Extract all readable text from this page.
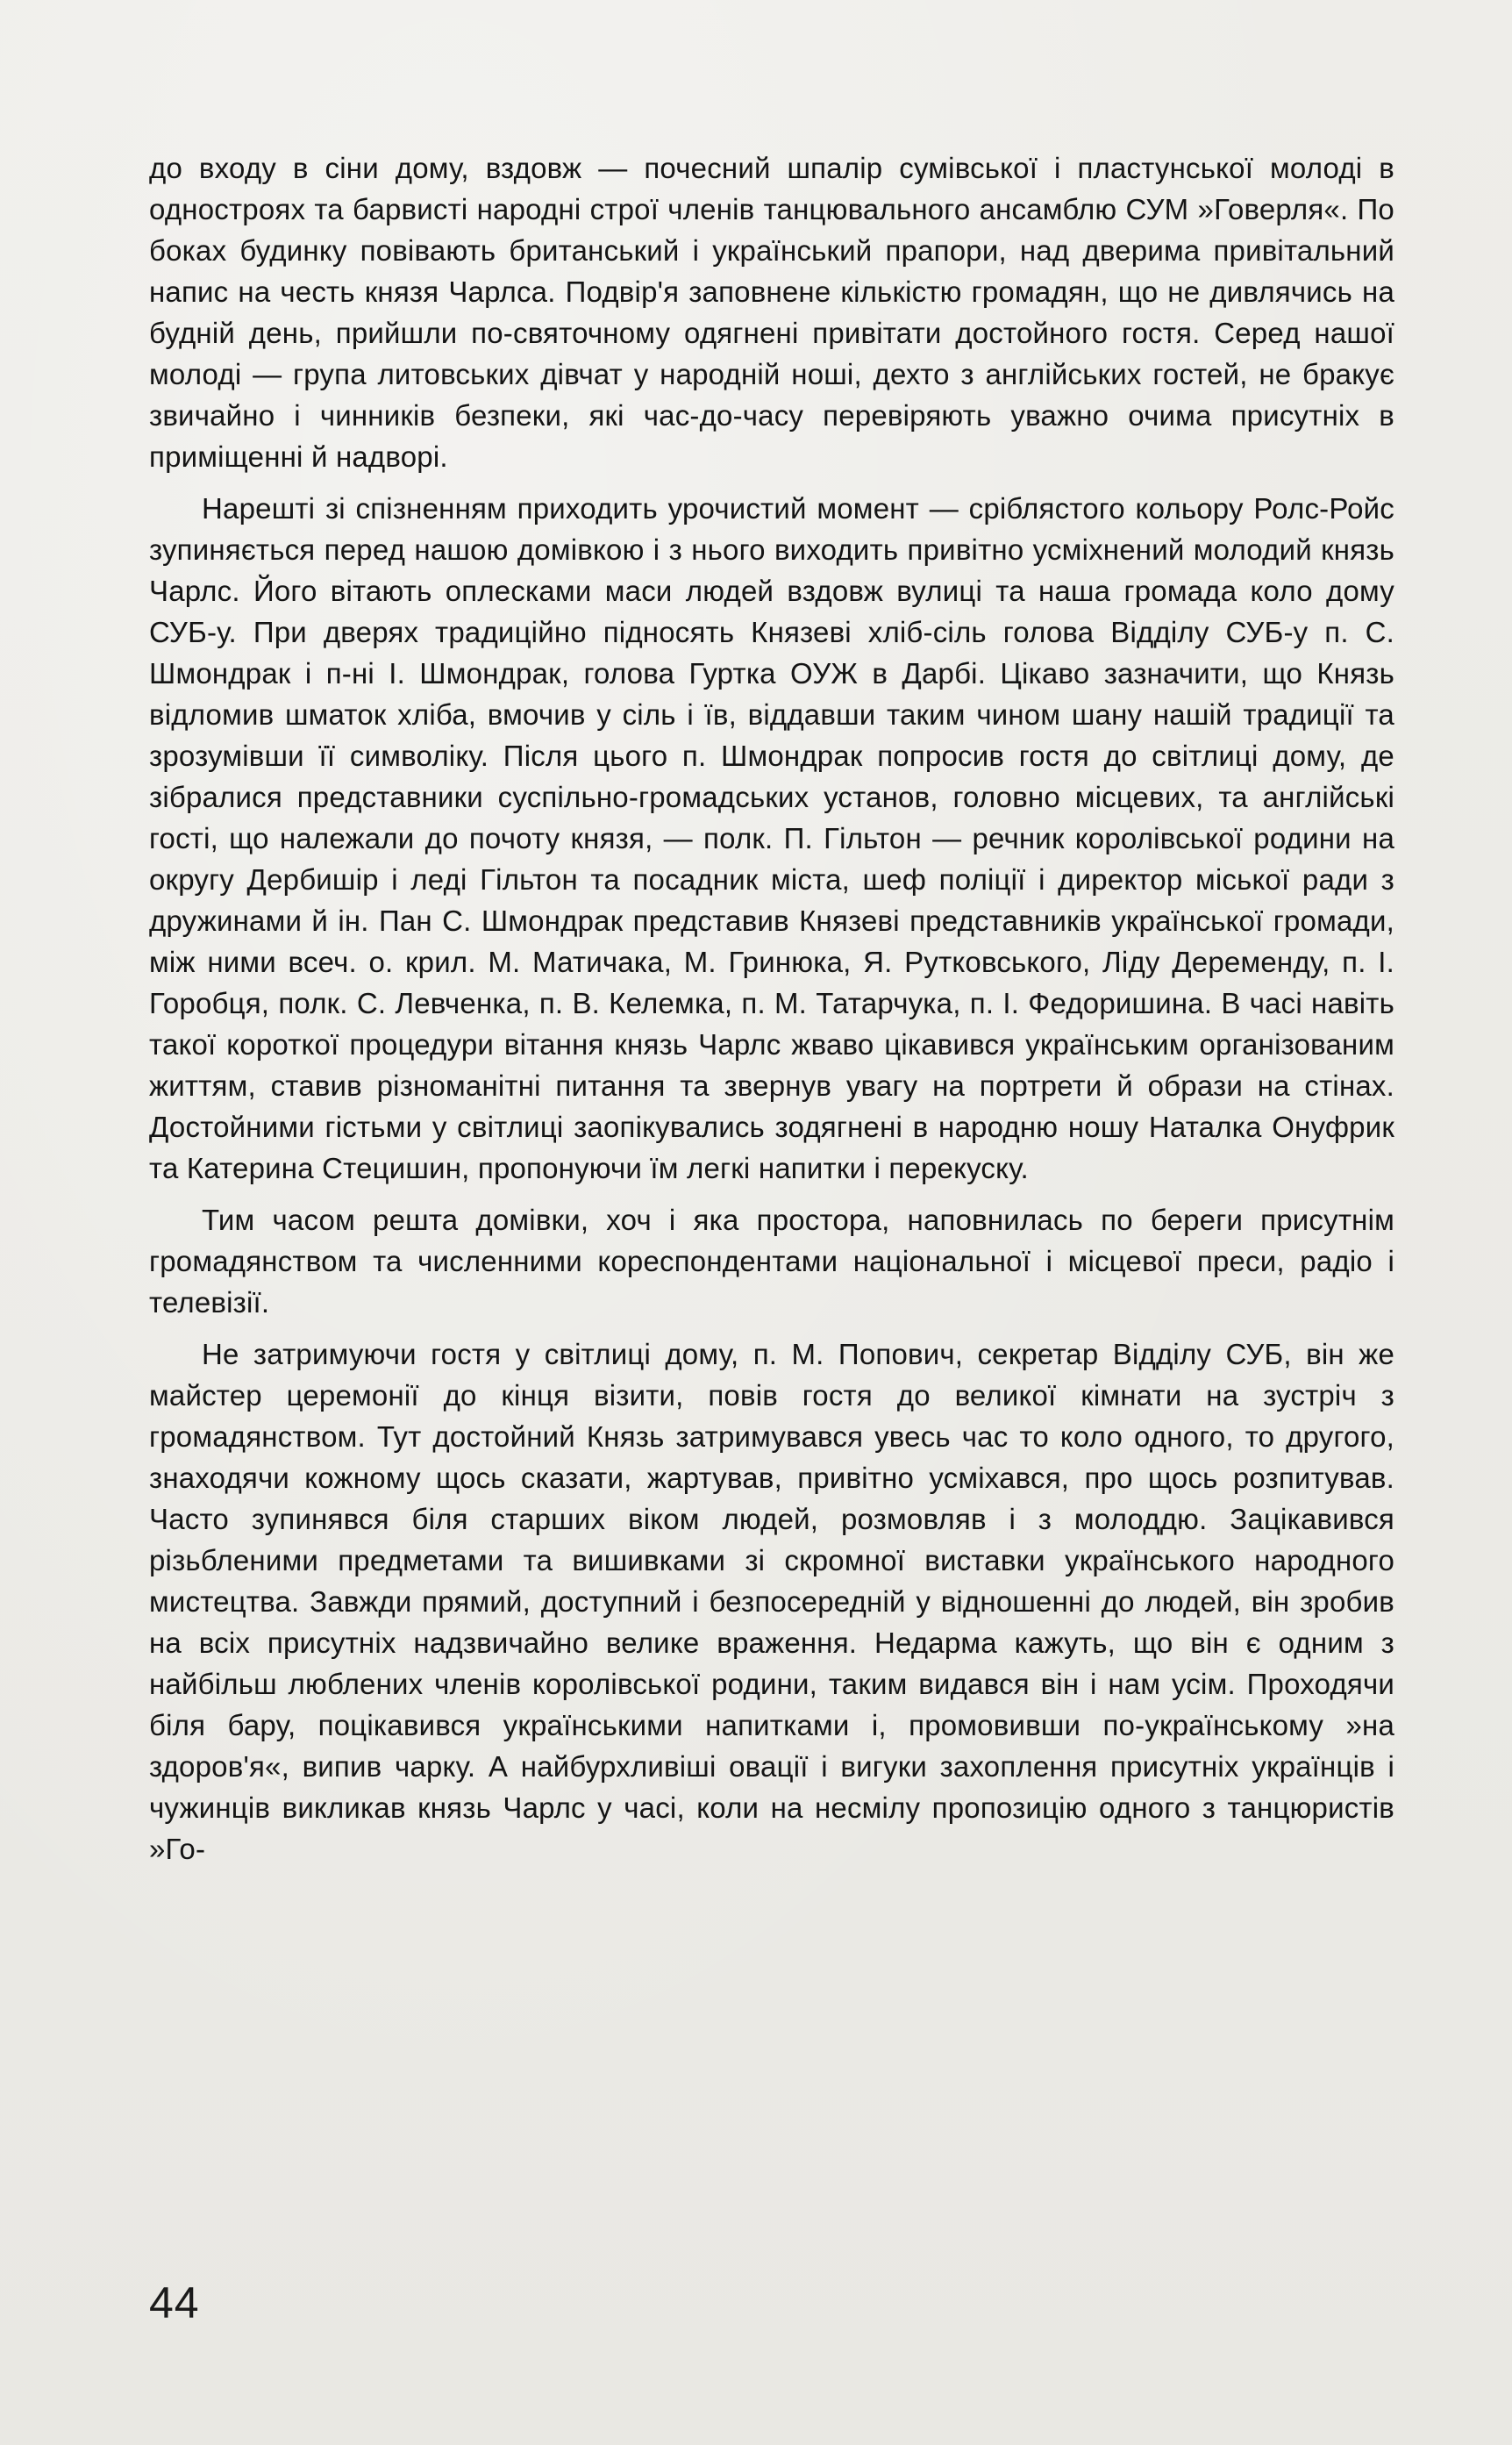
до входу в сіни дому, вздовж — почесний шпалір сумівської і пластунської молоді в однострoях та барвисті народні строї членів танцювального ансамблю СУМ »Говерля«. По боках будинку повівають британський і український прапори, над дверима привітальний напис на честь князя Чарлса. Подвір'я заповнене кількістю громадян, що не дивлячись на будній день, прийшли по-святочному одягнені привітати достойного гостя. Серед нашої молоді — група литовських дівчат у народній ноші, дехто з англійських гостей, не бракує звичайно і чинників безпеки, які час-до-часу перевіряють уважно очима присутніх в приміщенні й надворі.

Нарешті зі спізненням приходить урочистий момент — сріблястого кольору Ролс-Ройс зупиняється перед нашою домівкою і з нього виходить привітно усміхнений молодий князь Чарлс. Його вітають оплесками маси людей вздовж вулиці та наша громада коло дому СУБ-у. При дверях традиційно підносять Князеві хліб-сіль голова Відділу СУБ-у п. С. Шмондрак і п-ні І. Шмондрак, голова Гуртка ОУЖ в Дарбі. Цікаво зазначити, що Князь відломив шматок хліба, вмочив у сіль і їв, віддавши таким чином шану нашій традиції та зрозумівши її символіку. Після цього п. Шмондрак попросив гостя до світлиці дому, де зібралися представники суспільно-громадських установ, головно місцевих, та англійські гості, що належали до почоту князя, — полк. П. Гільтон — речник королівської родини на округу Дербишір і леді Гільтон та посадник міста, шеф поліції і директор міської ради з дружинами й ін. Пан С. Шмондрак представив Князеві представників української громади, між ними всеч. о. крил. М. Матичака, М. Гринюка, Я. Рутковського, Ліду Деременду, п. І. Горобця, полк. С. Левченка, п. В. Келемка, п. М. Татарчука, п. І. Федоришина. В часі навіть такої короткої процедури вітання князь Чарлс жваво цікавився українським організованим життям, ставив різноманітні питання та звернув увагу на портрети й образи на стінах. Достойними гістьми у світлиці заопікувались зодягнені в народню ношу Наталка Онуфрик та Катерина Стецишин, пропонуючи їм легкі напитки і перекуску.

Тим часом решта домівки, хоч і яка простора, наповнилась по береги присутнім громадянством та численними кореспондентами національної і місцевої преси, радіо і телевізії.

Не затримуючи гостя у світлиці дому, п. М. Попович, секретар Відділу СУБ, він же майстер церемонії до кінця візити, повів гостя до великої кімнати на зустріч з громадянством. Тут достойний Князь затримувався увесь час то коло одного, то другого, знаходячи кожному щось сказати, жартував, привітно усміхався, про щось розпитував. Часто зупинявся біля старших віком людей, розмовляв і з молоддю. Зацікавився різьбленими предметами та вишивками зі скромної виставки українського народного мистецтва. Завжди прямий, доступний і безпосередній у відношенні до людей, він зробив на всіх присутніх надзвичайно велике враження. Недарма кажуть, що він є одним з найбільш люблених членів королівської родини, таким видався він і нам усім. Проходячи біля бару, поцікавився українськими напитками і, промовивши по-українському »на здоров'я«, випив чарку. А найбурхливіші овації і вигуки захоплення присутніх українців і чужинців викликав князь Чарлс у часі, коли на несмілу пропозицію одного з танцюристів »Го-

44
